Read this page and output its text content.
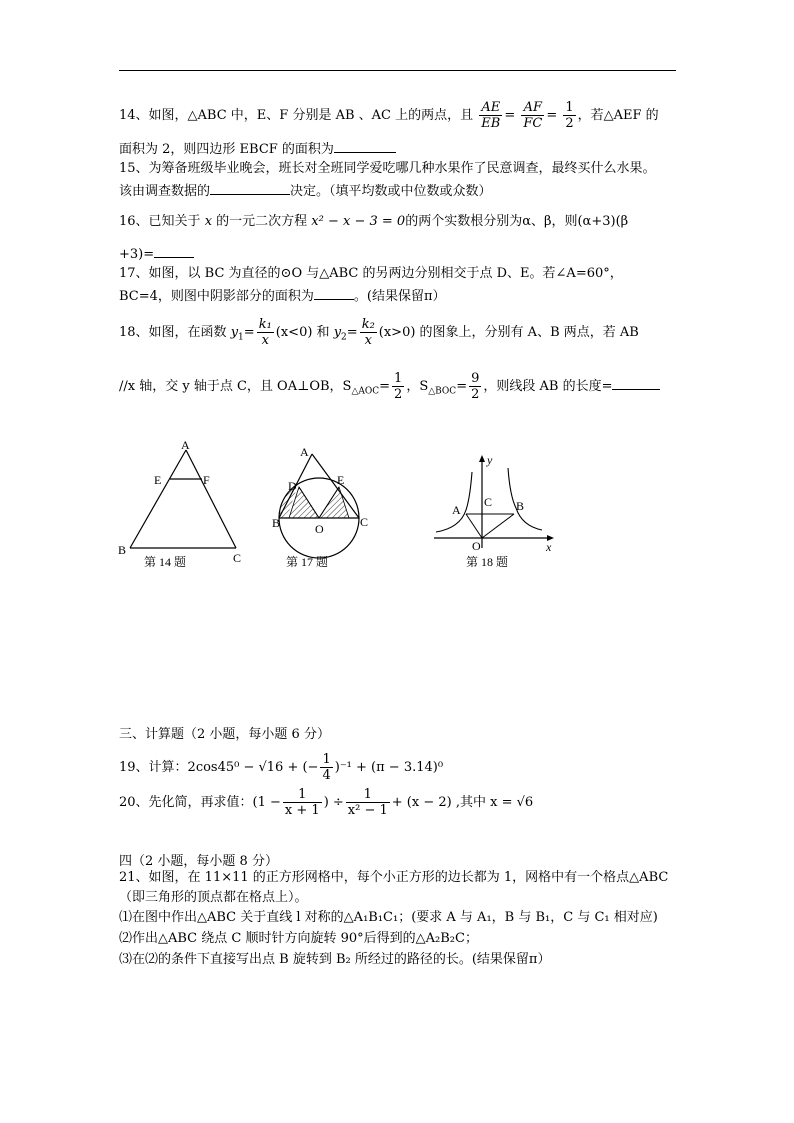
14、如图，△ABC 中，E、F 分别是 AB 、AC 上的两点，且 $\frac{AE}{EB} = \frac{AF}{FC} = \frac{1}{2}$ ，若△AEF 的
面积为 2，则四边形 EBCF 的面积为
15、为筹备班级毕业晚会，班长对全班同学爱吃哪几种水果作了民意调查，最终买什么水果。
该由调查数据的	决定。（填平均数或中位数或众数）
16、已知关于 x 的一元二次方程 x² − x − 3 = 0的两个实数根分别为α、β，则(α+3)(β
+3)=
17、如图，以 BC 为直径的⊙O 与△ABC 的另两边分别相交于点 D、E。若∠A=60°，
BC=4，则图中阴影部分的面积为	。(结果保留π）
18、如图，在函数 $y_1= \frac{\text{k₁}}{x} (x<0)$ 和 $y_2= \frac{\text{k₂}}{x} (x>0)$ 的图象上，分别有 A、B 两点，若 AB
//x 轴，交 y 轴于点 C，且 OA⊥OB，$S_{\triangle AOC}= \frac{1}{2}$ ，$S_{\triangle BOC}= \frac{9}{2}$ ，则线段 AB 的长度=
A
E	F
B
C
第 14 题
A
D	E
B	O	C
第 17 题
y
x
A	B
C
O
第 18 题
三、计算题（2 小题，每小题 6 分）
19、计算：2cos45⁰ − √16 + (− $\frac{1}{4} )^{-1} + (\pi - 3.14)^0$
20、先化简，再求值：($1 - \frac{1}{x + 1}$ ) ÷ $\frac{1}{\text{x² − 1}} + (x - 2)$ ,其中 x = √6
四（2 小题，每小题 8 分）
21、如图，在 11×11 的正方形网格中，每个小正方形的边长都为 1，网格中有一个格点△ABC
（即三角形的顶点都在格点上）。
⑴在图中作出△ABC 关于直线 l 对称的△A₁B₁C₁；(要求 A 与 A₁，B 与 B₁，C 与 C₁ 相对应)
⑵作出△ABC 绕点 C 顺时针方向旋转 90°后得到的△A₂B₂C；
⑶在⑵的条件下直接写出点 B 旋转到 B₂ 所经过的路径的长。(结果保留π）
